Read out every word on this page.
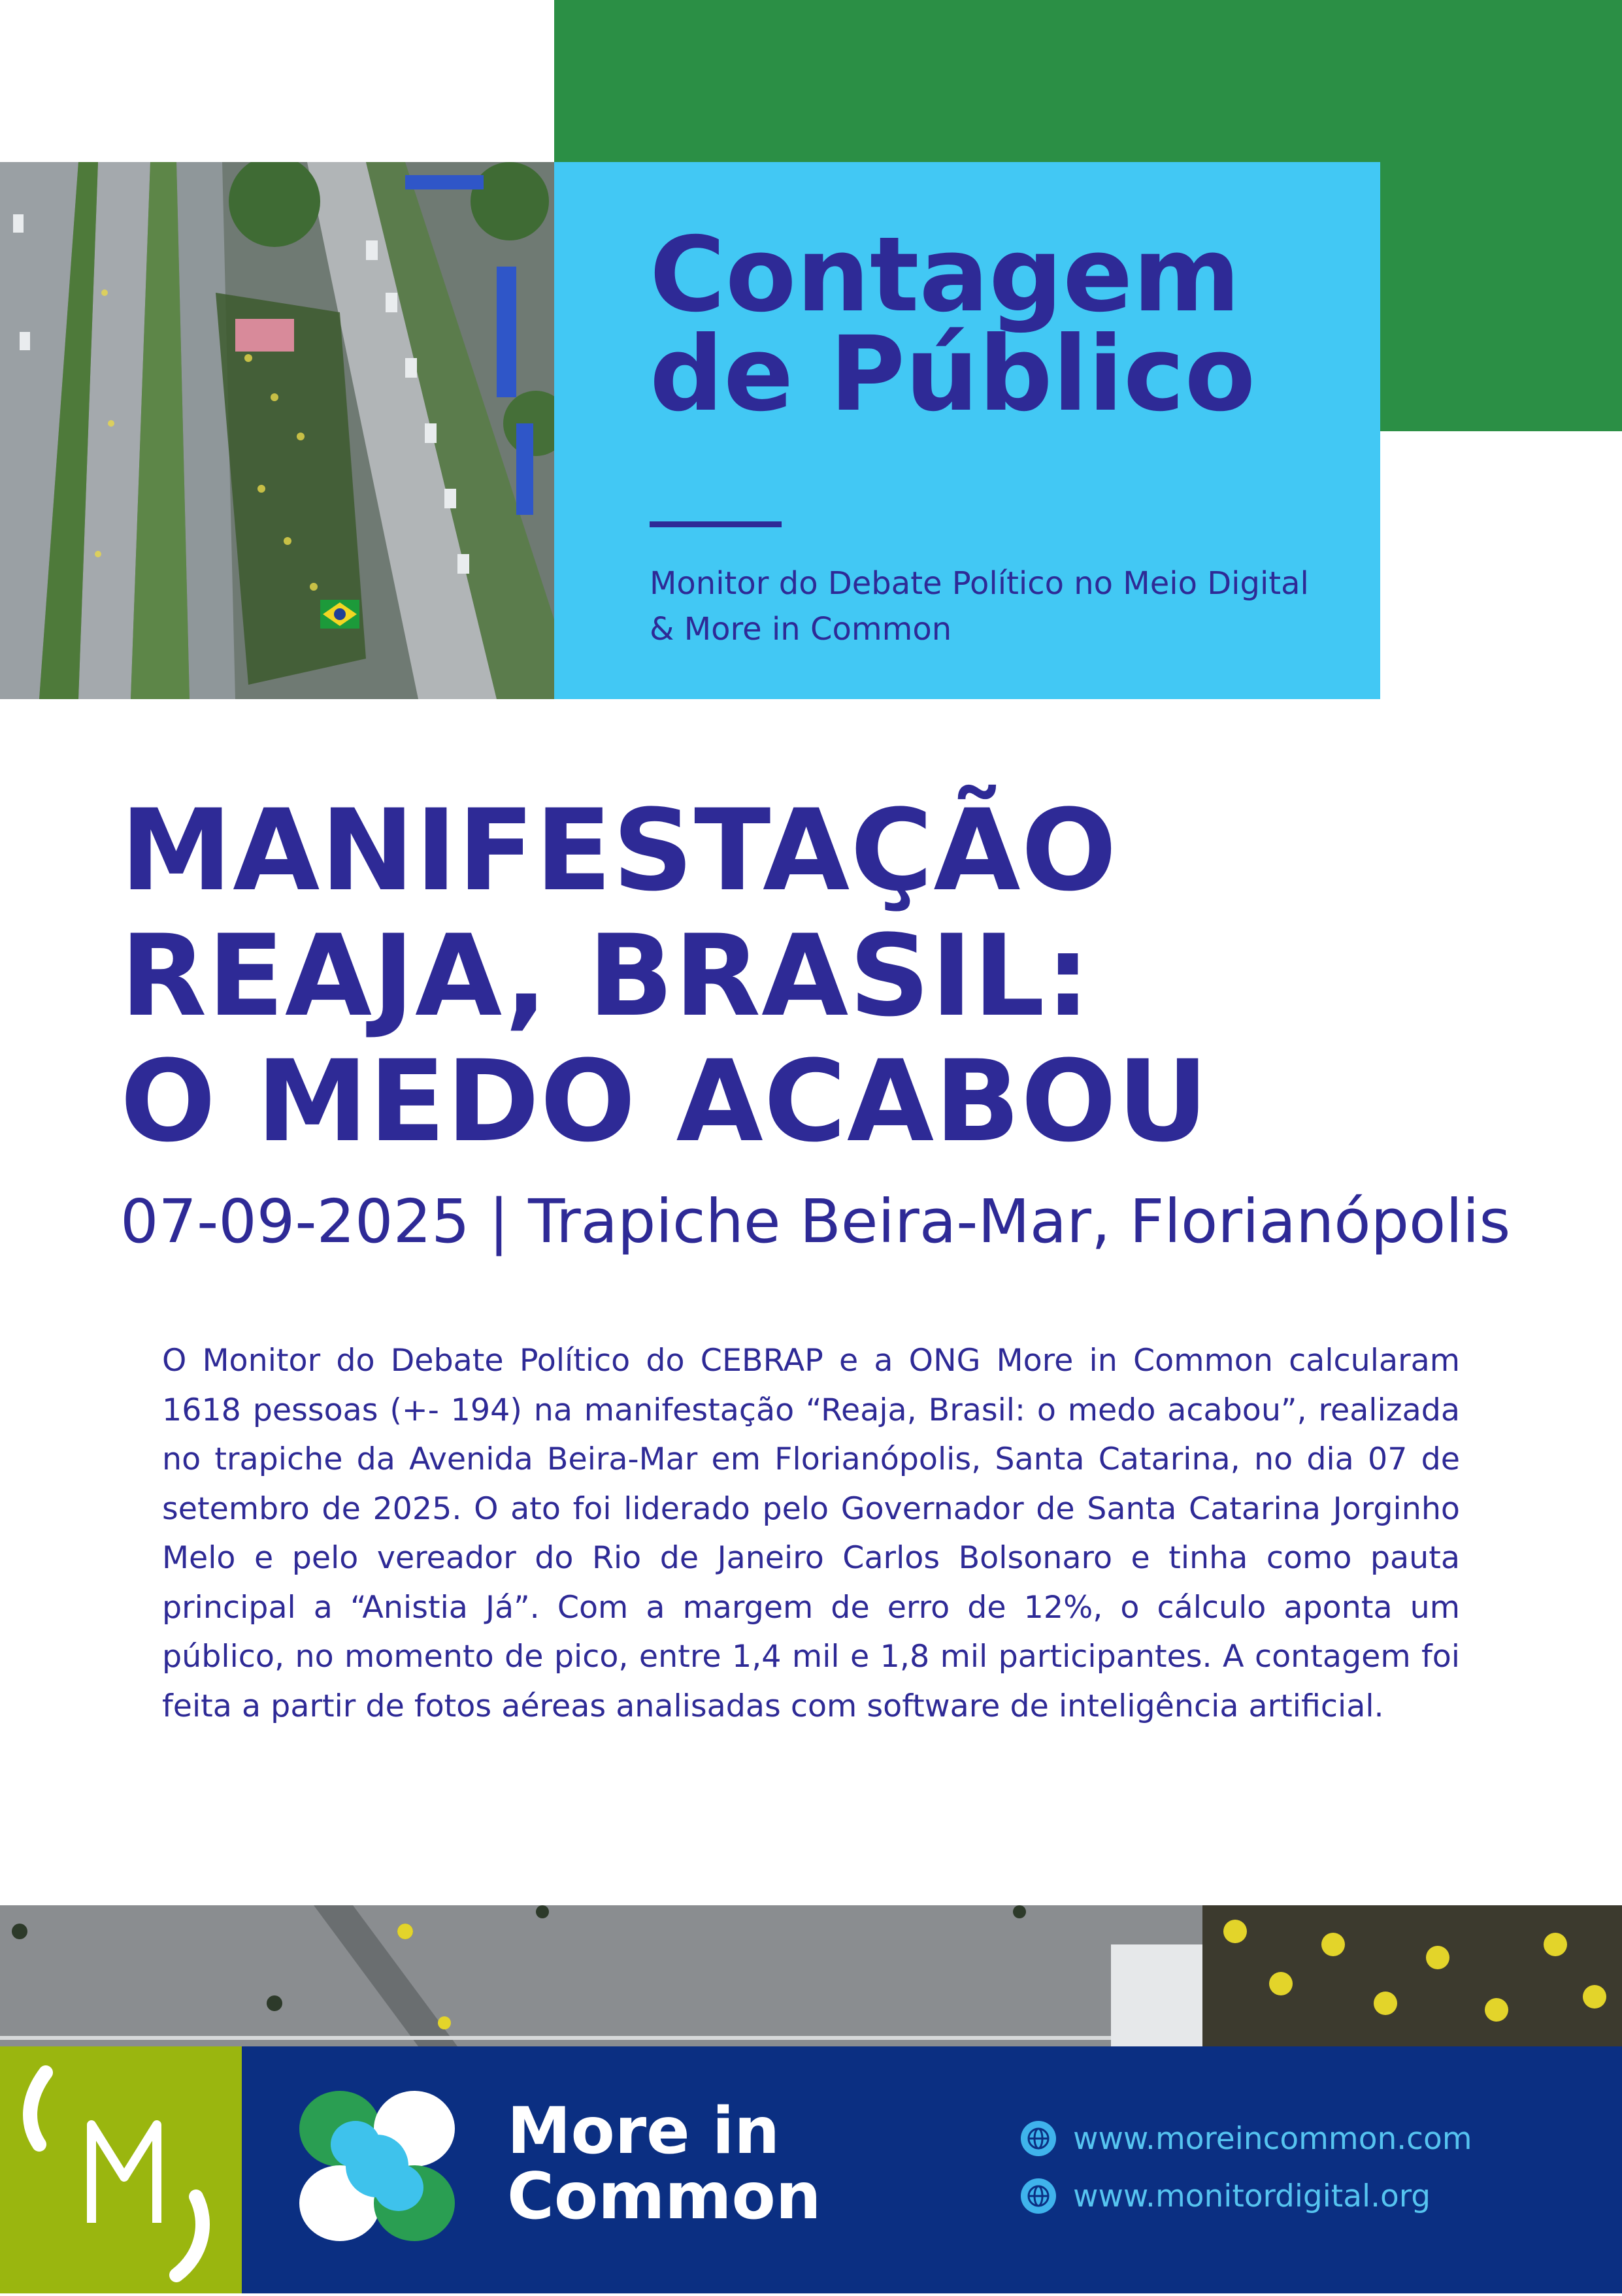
Contagem
de Público

Monitor do Debate Político no Meio Digital
& More in Common

MANIFESTAÇÃO
REAJA, BRASIL:
O MEDO ACABOU

07-09-2025 | Trapiche Beira-Mar, Florianópolis

O Monitor do Debate Político do CEBRAP e a ONG More in Common calcularam 1618 pessoas (+- 194) na manifestação “Reaja, Brasil: o medo acabou”, realizada no trapiche da Avenida Beira-Mar em Florianópolis, Santa Catarina, no dia 07 de setembro de 2025. O ato foi liderado pelo Governador de Santa Catarina Jorginho Melo e pelo vereador do Rio de Janeiro Carlos Bolsonaro e tinha como pauta principal a “Anistia Já”. Com a margem de erro de 12%, o cálculo aponta um público, no momento de pico, entre 1,4 mil e 1,8 mil participantes. A contagem foi feita a partir de fotos aéreas analisadas com software de inteligência artificial.

More in
Common
www.moreincommon.com
www.monitordigital.org
